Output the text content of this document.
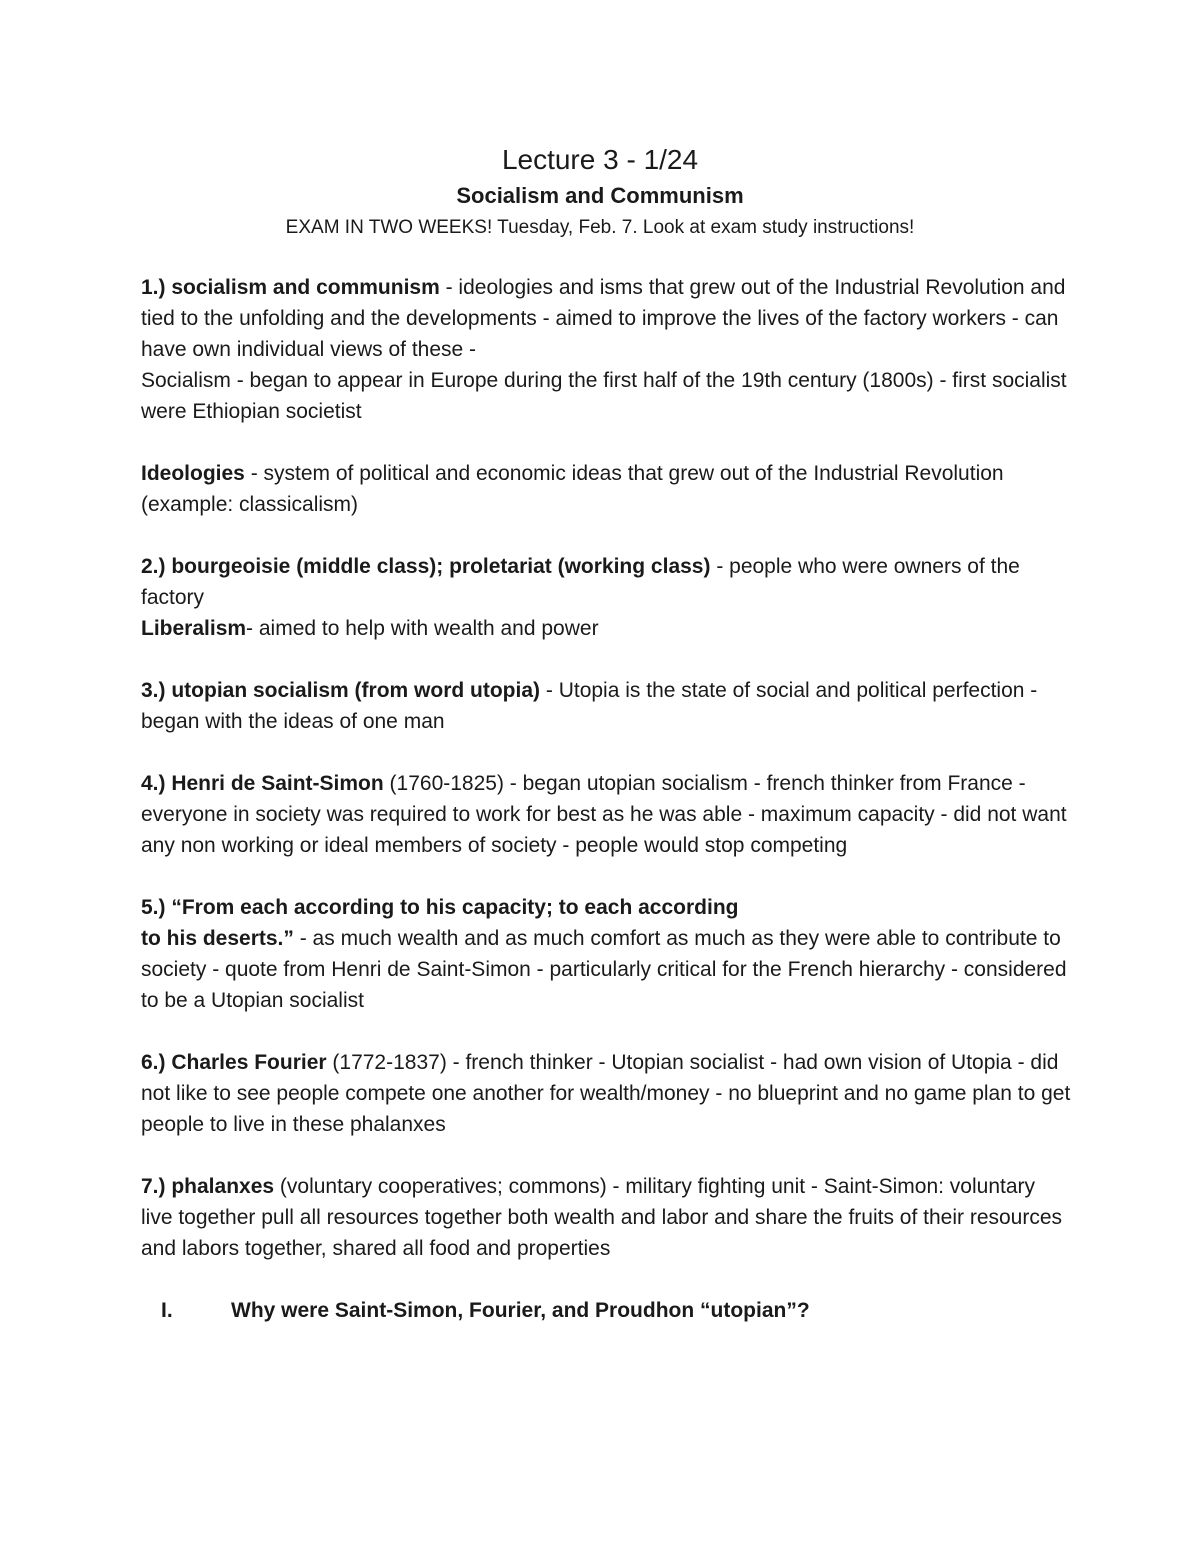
Lecture 3 - 1/24

Socialism and Communism

EXAM IN TWO WEEKS! Tuesday, Feb. 7. Look at exam study instructions!

1.) socialism and communism - ideologies and isms that grew out of the Industrial Revolution and tied to the unfolding and the developments - aimed to improve the lives of the factory workers - can have own individual views of these -

Socialism - began to appear in Europe during the first half of the 19th century (1800s) - first socialist were Ethiopian societist

Ideologies - system of political and economic ideas that grew out of the Industrial Revolution (example: classicalism)

2.) bourgeoisie (middle class); proletariat (working class) - people who were owners of the factory

Liberalism- aimed to help with wealth and power

3.) utopian socialism (from word utopia) - Utopia is the state of social and political perfection - began with the ideas of one man

4.) Henri de Saint-Simon (1760-1825) - began utopian socialism - french thinker from France - everyone in society was required to work for best as he was able - maximum capacity - did not want any non working or ideal members of society - people would stop competing

5.) “From each according to his capacity; to each according
to his deserts.” - as much wealth and as much comfort as much as they were able to contribute to society - quote from Henri de Saint-Simon - particularly critical for the French hierarchy - considered to be a Utopian socialist

6.) Charles Fourier (1772-1837) - french thinker - Utopian socialist - had own vision of Utopia - did not like to see people compete one another for wealth/money - no blueprint and no game plan to get people to live in these phalanxes

7.) phalanxes (voluntary cooperatives; commons) - military fighting unit - Saint-Simon: voluntary live together pull all resources together both wealth and labor and share the fruits of their resources and labors together, shared all food and properties

I.	Why were Saint-Simon, Fourier, and Proudhon “utopian”?
